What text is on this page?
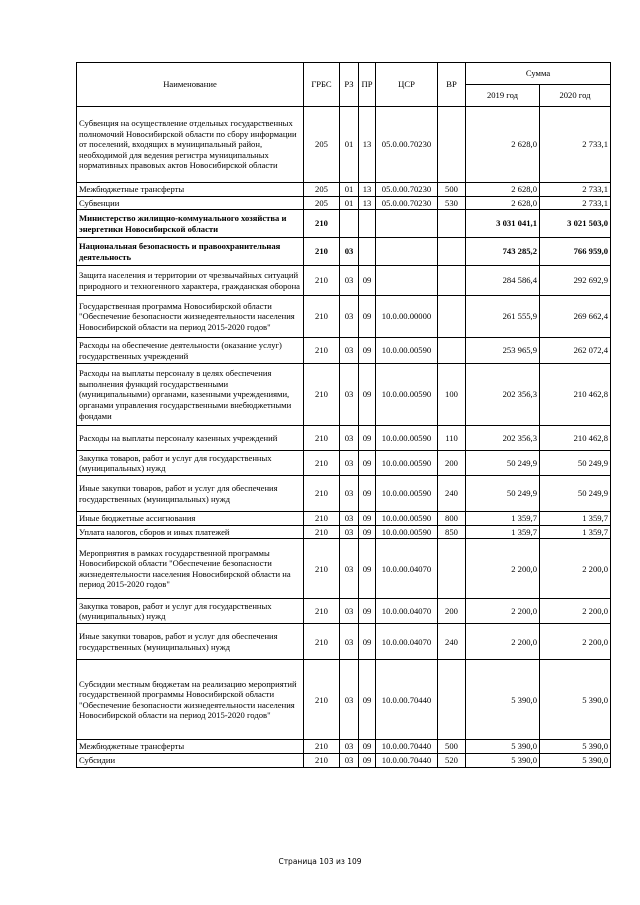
Наименование	ГРБС	РЗ	ПР	ЦСР	ВР	Сумма	
						2019 год	2020 год
Субвенция на осуществление отдельных государственных полномочий Новосибирской области по сбору информации от поселений, входящих в муниципальный район, необходимой для ведения регистра муниципальных нормативных правовых актов Новосибирской области	205	01	13	05.0.00.70230		2 628,0	2 733,1
Межбюджетные трансферты	205	01	13	05.0.00.70230	500	2 628,0	2 733,1
Субвенции	205	01	13	05.0.00.70230	530	2 628,0	2 733,1
Министерство жилищно-коммунального хозяйства и энергетики Новосибирской области	210					3 031 041,1	3 021 503,0
Национальная безопасность и правоохранительная деятельность	210	03				743 285,2	766 959,0
Защита населения и территории от чрезвычайных ситуаций природного и техногенного характера, гражданская оборона	210	03	09			284 586,4	292 692,9
Государственная программа Новосибирской области "Обеспечение безопасности жизнедеятельности населения Новосибирской области на период 2015-2020 годов"	210	03	09	10.0.00.00000		261 555,9	269 662,4
Расходы на обеспечение деятельности (оказание услуг) государственных учреждений	210	03	09	10.0.00.00590		253 965,9	262 072,4
Расходы на выплаты персоналу в целях обеспечения выполнения функций государственными (муниципальными) органами, казенными учреждениями, органами управления государственными внебюджетными фондами	210	03	09	10.0.00.00590	100	202 356,3	210 462,8
Расходы на выплаты персоналу казенных учреждений	210	03	09	10.0.00.00590	110	202 356,3	210 462,8
Закупка товаров, работ и услуг для государственных (муниципальных) нужд	210	03	09	10.0.00.00590	200	50 249,9	50 249,9
Иные закупки товаров, работ и услуг для обеспечения государственных (муниципальных) нужд	210	03	09	10.0.00.00590	240	50 249,9	50 249,9
Иные бюджетные ассигнования	210	03	09	10.0.00.00590	800	1 359,7	1 359,7
Уплата налогов, сборов и иных платежей	210	03	09	10.0.00.00590	850	1 359,7	1 359,7
Мероприятия в рамках государственной программы Новосибирской области "Обеспечение безопасности жизнедеятельности населения Новосибирской области на период 2015-2020 годов"	210	03	09	10.0.00.04070		2 200,0	2 200,0
Закупка товаров, работ и услуг для государственных (муниципальных) нужд	210	03	09	10.0.00.04070	200	2 200,0	2 200,0
Иные закупки товаров, работ и услуг для обеспечения государственных (муниципальных) нужд	210	03	09	10.0.00.04070	240	2 200,0	2 200,0
Субсидии местным бюджетам на реализацию мероприятий государственной программы Новосибирской области "Обеспечение безопасности жизнедеятельности населения Новосибирской области на период 2015-2020 годов"	210	03	09	10.0.00.70440		5 390,0	5 390,0
Межбюджетные трансферты	210	03	09	10.0.00.70440	500	5 390,0	5 390,0
Субсидии	210	03	09	10.0.00.70440	520	5 390,0	5 390,0
Страница 103 из 109
